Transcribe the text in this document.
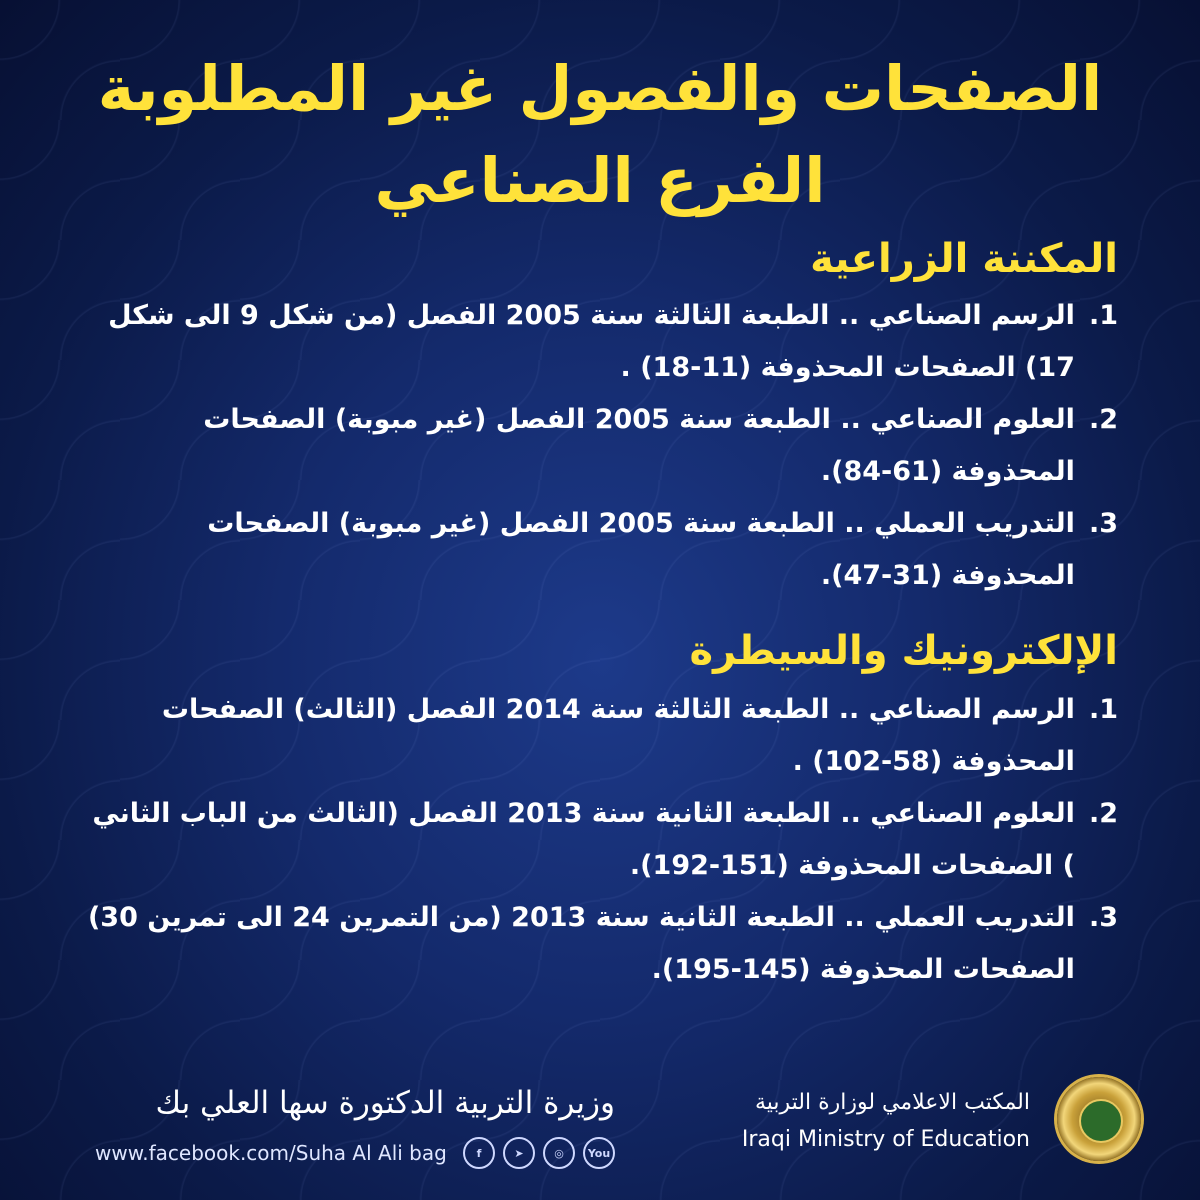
الصفحات والفصول غير المطلوبة
الفرع الصناعي
المكننة الزراعية
1.
الرسم الصناعي .. الطبعة الثالثة سنة 2005 الفصل (من شكل 9 الى شكل 17) الصفحات المحذوفة (11-18) .
2.
العلوم الصناعي .. الطبعة سنة 2005 الفصل (غير مبوبة) الصفحات المحذوفة (61-84).
3.
التدريب العملي .. الطبعة سنة 2005 الفصل (غير مبوبة) الصفحات المحذوفة (31-47).
الإلكترونيك والسيطرة
1.
الرسم الصناعي .. الطبعة الثالثة سنة 2014 الفصل (الثالث) الصفحات المحذوفة (58-102) .
2.
العلوم الصناعي .. الطبعة الثانية سنة 2013 الفصل (الثالث من الباب الثاني ) الصفحات المحذوفة (151-192).
3.
التدريب العملي .. الطبعة الثانية سنة 2013 (من التمرين 24 الى تمرين 30) الصفحات المحذوفة (145-195).

وزيرة التربية الدكتورة سها العلي بك

www.facebook.com/Suha Al Ali bag	f	➤	◎	You

المكتب الاعلامي لوزارة التربية

Iraqi Ministry of Education
